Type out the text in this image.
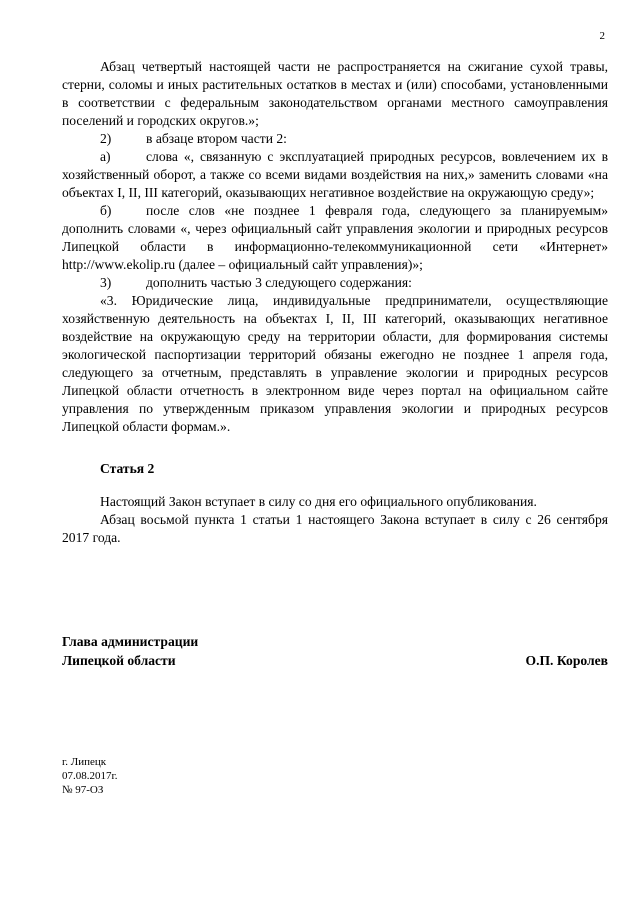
2

Абзац четвертый настоящей части не распространяется на сжигание сухой травы, стерни, соломы и иных растительных остатков в местах и (или) способами, установленными в соответствии с федеральным законодательством органами местного самоуправления поселений и городских округов.»;

2)	в абзаце втором части 2:

а)	слова «, связанную с эксплуатацией природных ресурсов, вовлечением их в хозяйственный оборот, а также со всеми видами воздействия на них,» заменить словами «на объектах I, II, III категорий, оказывающих негативное воздействие на окружающую среду»;

б)	после слов «не позднее 1 февраля года, следующего за планируемым» дополнить словами «, через официальный сайт управления экологии и природных ресурсов Липецкой области в информационно-телекоммуникационной сети «Интернет» http://www.ekolip.ru (далее – официальный сайт управления)»;

3)	дополнить частью 3 следующего содержания:

«3. Юридические лица, индивидуальные предприниматели, осуществляющие хозяйственную деятельность на объектах I, II, III категорий, оказывающих негативное воздействие на окружающую среду на территории области, для формирования системы экологической паспортизации территорий обязаны ежегодно не позднее 1 апреля года, следующего за отчетным, представлять в управление экологии и природных ресурсов Липецкой области отчетность в электронном виде через портал на официальном сайте управления по утвержденным приказом управления экологии и природных ресурсов Липецкой области формам.».

Статья 2

Настоящий Закон вступает в силу со дня его официального опубликования.

Абзац восьмой пункта 1 статьи 1 настоящего Закона вступает в силу с 26 сентября 2017 года.

Глава администрации
Липецкой области	О.П. Королев
г. Липецк
07.08.2017г.
№ 97-ОЗ
